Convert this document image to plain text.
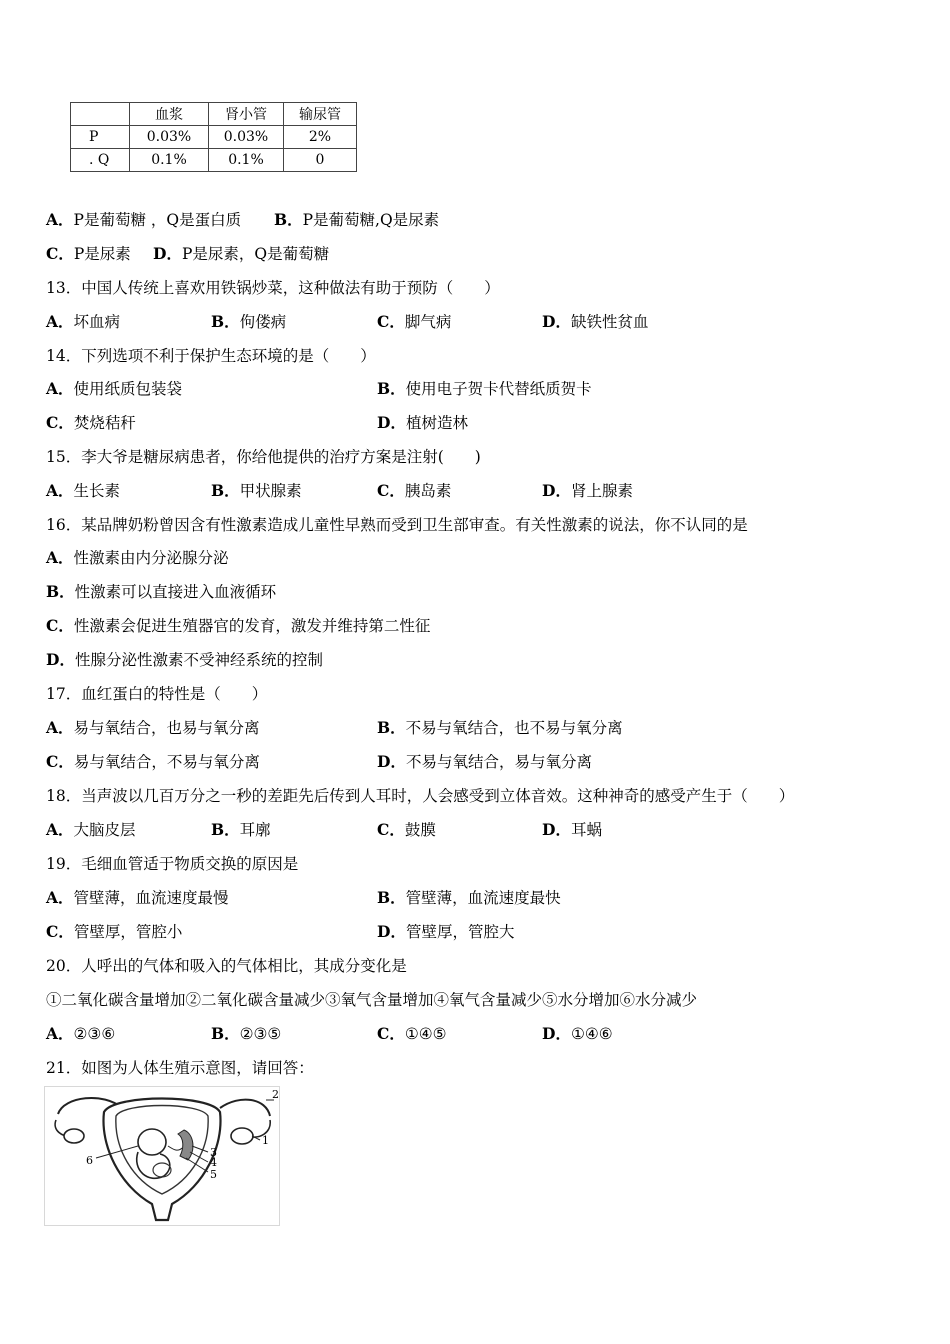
	血浆	肾小管	输尿管
P	0.03%	0.03%	2%
. Q	0.1%	0.1%	0
A．P是葡萄糖 ，Q是蛋白质 B．P是葡萄糖,Q是尿素
C．P是尿素 D．P是尿素，Q是葡萄糖
13．中国人传统上喜欢用铁锅炒菜，这种做法有助于预防（　　）
A．坏血病	B．佝偻病	C．脚气病	D．缺铁性贫血
14．下列选项不利于保护生态环境的是（　　）
A．使用纸质包装袋	B．使用电子贺卡代替纸质贺卡
C．焚烧秸秆	D．植树造林
15．李大爷是糖尿病患者，你给他提供的治疗方案是注射(　　)
A．生长素	B．甲状腺素	C．胰岛素	D．肾上腺素
16．某品牌奶粉曾因含有性激素造成儿童性早熟而受到卫生部审查。有关性激素的说法，你不认同的是
A．性激素由内分泌腺分泌
B．性激素可以直接进入血液循环
C．性激素会促进生殖器官的发育，激发并维持第二性征
D．性腺分泌性激素不受神经系统的控制
17．血红蛋白的特性是（　　）
A．易与氧结合，也易与氧分离	B．不易与氧结合，也不易与氧分离
C．易与氧结合，不易与氧分离	D．不易与氧结合，易与氧分离
18．当声波以几百万分之一秒的差距先后传到人耳时，人会感受到立体音效。这种神奇的感受产生于（　　）
A．大脑皮层	B．耳廓	C．鼓膜	D．耳蜗
19．毛细血管适于物质交换的原因是
A．管壁薄，血流速度最慢	B．管壁薄，血流速度最快
C．管壁厚，管腔小	D．管壁厚，管腔大
20．人呼出的气体和吸入的气体相比，其成分变化是
①二氧化碳含量增加②二氧化碳含量减少③氧气含量增加④氧气含量减少⑤水分增加⑥水分减少
A．②③⑥	B．②③⑤	C．①④⑤	D．①④⑥
21．如图为人体生殖示意图，请回答：
1
2
3
4
5
6
